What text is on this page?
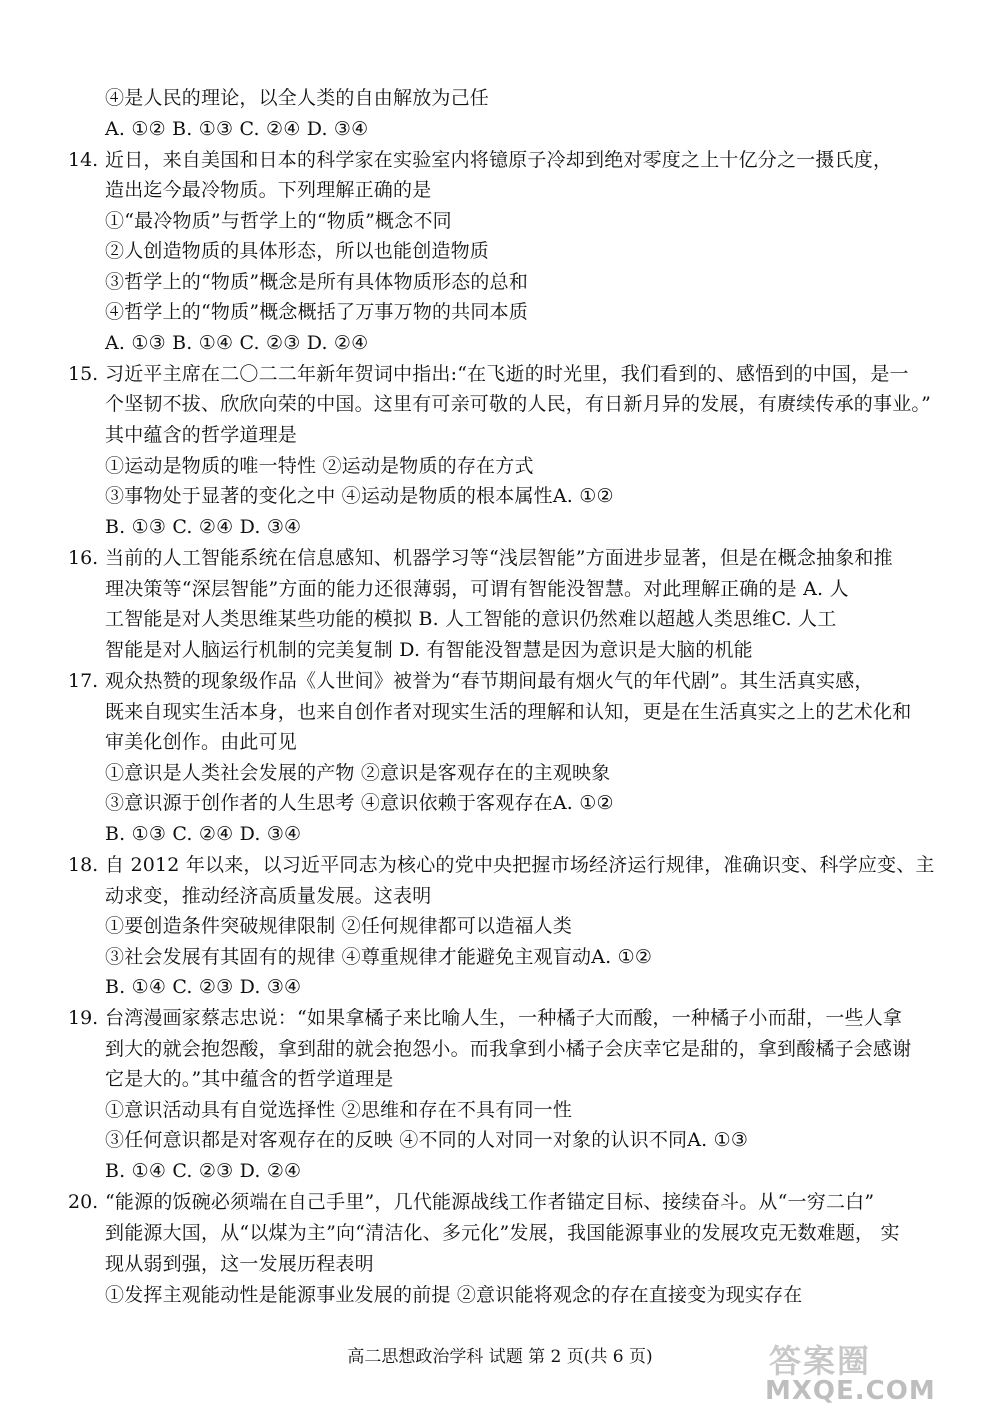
④是人民的理论，以全人类的自由解放为己任
A. ①② B. ①③ C. ②④ D. ③④
14. 近日，来自美国和日本的科学家在实验室内将镱原子冷却到绝对零度之上十亿分之一摄氏度，
造出迄今最冷物质。下列理解正确的是
①“最冷物质”与哲学上的“物质”概念不同
②人创造物质的具体形态，所以也能创造物质
③哲学上的“物质”概念是所有具体物质形态的总和
④哲学上的“物质”概念概括了万事万物的共同本质
A. ①③ B. ①④ C. ②③ D. ②④
15. 习近平主席在二〇二二年新年贺词中指出:“在飞逝的时光里，我们看到的、感悟到的中国，是一
个坚韧不拔、欣欣向荣的中国。这里有可亲可敬的人民，有日新月异的发展，有赓续传承的事业。”
其中蕴含的哲学道理是
①运动是物质的唯一特性 ②运动是物质的存在方式
③事物处于显著的变化之中 ④运动是物质的根本属性A. ①②
B. ①③ C. ②④ D. ③④
16. 当前的人工智能系统在信息感知、机器学习等“浅层智能”方面进步显著，但是在概念抽象和推
理决策等“深层智能”方面的能力还很薄弱，可谓有智能没智慧。对此理解正确的是 A. 人
工智能是对人类思维某些功能的模拟 B. 人工智能的意识仍然难以超越人类思维C. 人工
智能是对人脑运行机制的完美复制 D. 有智能没智慧是因为意识是大脑的机能
17. 观众热赞的现象级作品《人世间》被誉为“春节期间最有烟火气的年代剧”。其生活真实感，
既来自现实生活本身，也来自创作者对现实生活的理解和认知，更是在生活真实之上的艺术化和
审美化创作。由此可见
①意识是人类社会发展的产物 ②意识是客观存在的主观映象
③意识源于创作者的人生思考 ④意识依赖于客观存在A. ①②
B. ①③ C. ②④ D. ③④
18. 自 2012 年以来，以习近平同志为核心的党中央把握市场经济运行规律，准确识变、科学应变、主
动求变，推动经济高质量发展。这表明
①要创造条件突破规律限制 ②任何规律都可以造福人类
③社会发展有其固有的规律 ④尊重规律才能避免主观盲动A. ①②
B. ①④ C. ②③ D. ③④
19. 台湾漫画家蔡志忠说：“如果拿橘子来比喻人生，一种橘子大而酸，一种橘子小而甜，一些人拿
到大的就会抱怨酸，拿到甜的就会抱怨小。而我拿到小橘子会庆幸它是甜的，拿到酸橘子会感谢
它是大的。”其中蕴含的哲学道理是
①意识活动具有自觉选择性 ②思维和存在不具有同一性
③任何意识都是对客观存在的反映 ④不同的人对同一对象的认识不同A. ①③
B. ①④ C. ②③ D. ②④
20. “能源的饭碗必须端在自己手里”，几代能源战线工作者锚定目标、接续奋斗。从“一穷二白”
到能源大国，从“以煤为主”向“清洁化、多元化”发展，我国能源事业的发展攻克无数难题， 实
现从弱到强，这一发展历程表明
①发挥主观能动性是能源事业发展的前提 ②意识能将观念的存在直接变为现实存在
高二思想政治学科 试题 第 2 页(共 6 页)	答案圈
MXQE.COM
